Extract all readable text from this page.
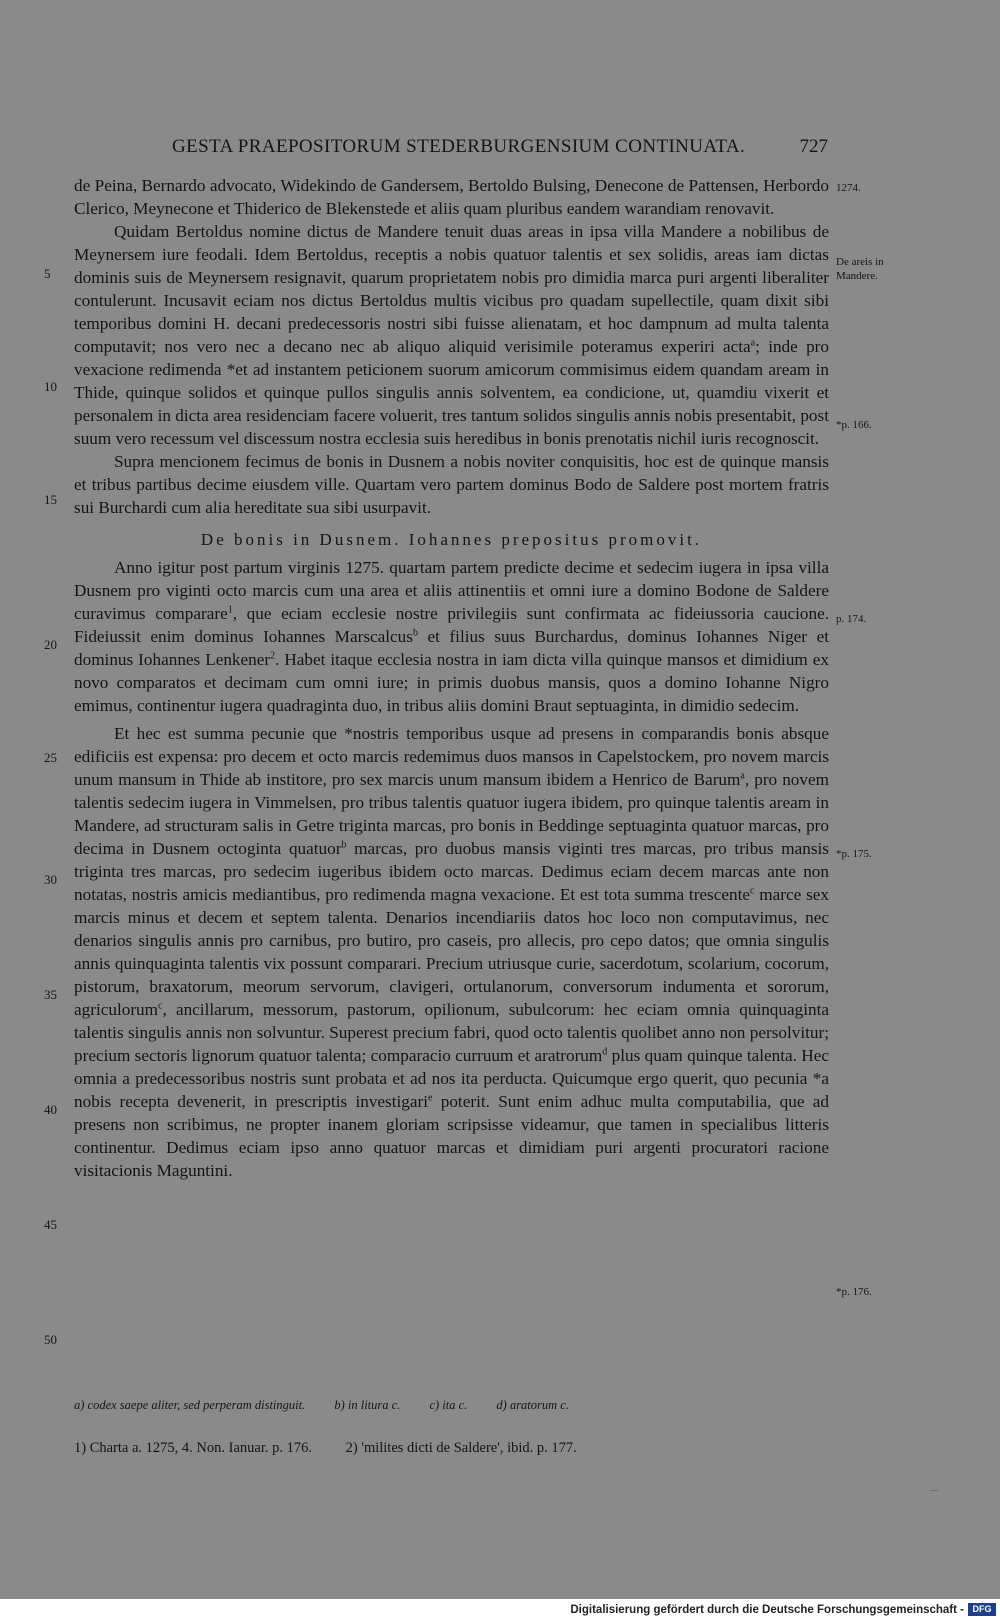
GESTA PRAEPOSITORUM STEDERBURGENSIUM CONTINUATA.	727
5
10
15
20
25
30
35
40
45
50
1274.
De areis in
Mandere.
*p. 166.
p. 174.
*p. 175.
*p. 176.

de Peina, Bernardo advocato, Widekindo de Gandersem, Bertoldo Bulsing, Denecone de Pattensen, Herbordo Clerico, Meynecone et Thiderico de Blekenstede et aliis quam pluribus eandem warandiam renovavit.

Quidam Bertoldus nomine dictus de Mandere tenuit duas areas in ipsa villa Mandere a nobilibus de Meynersem iure feodali. Idem Bertoldus, receptis a nobis quatuor talentis et sex solidis, areas iam dictas dominis suis de Meynersem resignavit, quarum proprietatem nobis pro dimidia marca puri argenti liberaliter contulerunt. Incusavit eciam nos dictus Bertoldus multis vicibus pro quadam supellectile, quam dixit sibi temporibus domini H. decani predecessoris nostri sibi fuisse alienatam, et hoc dampnum ad multa talenta computavit; nos vero nec a decano nec ab aliquo aliquid verisimile poteramus experiri acta$^a$; inde pro vexacione redimenda *et ad instantem peticionem suorum amicorum commisimus eidem quandam aream in Thide, quinque solidos et quinque pullos singulis annis solventem, ea condicione, ut, quamdiu vixerit et personalem in dicta area residenciam facere voluerit, tres tantum solidos singulis annis nobis presentabit, post suum vero recessum vel discessum nostra ecclesia suis heredibus in bonis prenotatis nichil iuris recognoscit.

Supra mencionem fecimus de bonis in Dusnem a nobis noviter conquisitis, hoc est de quinque mansis et tribus partibus decime eiusdem ville. Quartam vero partem dominus Bodo de Saldere post mortem fratris sui Burchardi cum alia hereditate sua sibi usurpavit.

De bonis in Dusnem. Iohannes prepositus promovit.

Anno igitur post partum virginis 1275. quartam partem predicte decime et sedecim iugera in ipsa villa Dusnem pro viginti octo marcis cum una area et aliis attinentiis et omni iure a domino Bodone de Saldere curavimus comparare$^1$, que eciam ecclesie nostre privilegiis sunt confirmata ac fideiussoria caucione. Fideiussit enim dominus Iohannes Marscalcus$^b$ et filius suus Burchardus, dominus Iohannes Niger et dominus Iohannes Lenkener$^2$. Habet itaque ecclesia nostra in iam dicta villa quinque mansos et dimidium ex novo comparatos et decimam cum omni iure; in primis duobus mansis, quos a domino Iohanne Nigro emimus, continentur iugera quadraginta duo, in tribus aliis domini Braut septuaginta, in dimidio sedecim.

Et hec est summa pecunie que *nostris temporibus usque ad presens in comparandis bonis absque edificiis est expensa: pro decem et octo marcis redemimus duos mansos in Capelstockem, pro novem marcis unum mansum in Thide ab institore, pro sex marcis unum mansum ibidem a Henrico de Barum$^a$, pro novem talentis sedecim iugera in Vimmelsen, pro tribus talentis quatuor iugera ibidem, pro quinque talentis aream in Mandere, ad structuram salis in Getre triginta marcas, pro bonis in Beddinge septuaginta quatuor marcas, pro decima in Dusnem octoginta quatuor$^b$ marcas, pro duobus mansis viginti tres marcas, pro tribus mansis triginta tres marcas, pro sedecim iugeribus ibidem octo marcas. Dedimus eciam decem marcas ante non notatas, nostris amicis mediantibus, pro redimenda magna vexacione. Et est tota summa trescente$^c$ marce sex marcis minus et decem et septem talenta. Denarios incendiariis datos hoc loco non computavimus, nec denarios singulis annis pro carnibus, pro butiro, pro caseis, pro allecis, pro cepo datos; que omnia singulis annis quinquaginta talentis vix possunt comparari. Precium utriusque curie, sacerdotum, scolarium, cocorum, pistorum, braxatorum, meorum servorum, clavigeri, ortulanorum, conversorum indumenta et sororum, agriculorum$^c$, ancillarum, messorum, pastorum, opilionum, subulcorum: hec eciam omnia quinquaginta talentis singulis annis non solvuntur. Superest precium fabri, quod octo talentis quolibet anno non persolvitur; precium sectoris lignorum quatuor talenta; comparacio curruum et aratrorum$^d$ plus quam quinque talenta. Hec omnia a predecessoribus nostris sunt probata et ad nos ita perducta. Quicumque ergo querit, quo pecunia *a nobis recepta devenerit, in prescriptis investigari$^e$ poterit. Sunt enim adhuc multa computabilia, que ad presens non scribimus, ne propter inanem gloriam scripsisse videamur, que tamen in specialibus litteris continentur. Dedimus eciam ipso anno quatuor marcas et dimidiam puri argenti procuratori racione visitacionis Maguntini.

a) codex saepe aliter, sed perperam distinguit. b) in litura c. c) ita c. d) aratorum c.
1) Charta a. 1275, 4. Non. Ianuar. p. 176. 2) 'milites dicti de Saldere', ibid. p. 177.
Digitalisierung gefördert durch die Deutsche Forschungsgemeinschaft - DFG
